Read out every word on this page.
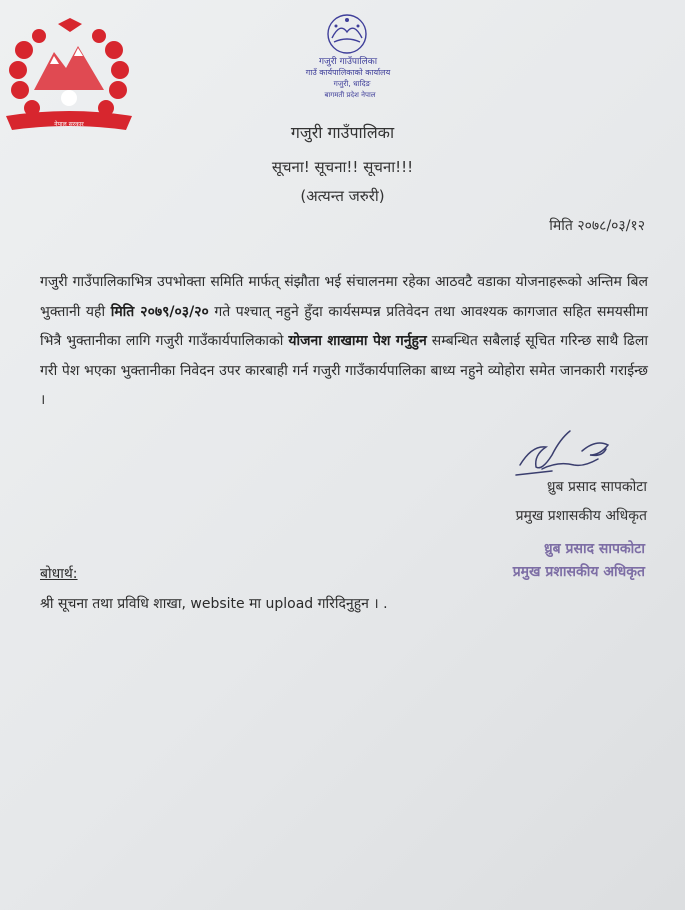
नेपाल सरकार
गजुरी गाउँपालिका
गाउँ कार्यपालिकाको कार्यालय
गजुरी, धादिङ
बागमती प्रदेश नेपाल
गजुरी गाउँपालिका
सूचना! सूचना!! सूचना!!!
(अत्यन्त जरुरी)
मिति २०७८/०३/१२
गजुरी गाउँपालिकाभित्र उपभोक्ता समिति मार्फत् संझौता भई संचालनमा रहेका आठवटै वडाका योजनाहरूको अन्तिम बिल भुक्तानी यही मिति २०७९/०३/२० गते पश्चात् नहुने हुँदा कार्यसम्पन्न प्रतिवेदन तथा आवश्यक कागजात सहित समयसीमा भित्रै भुक्तानीका लागि गजुरी गाउँकार्यपालिकाको योजना शाखामा पेश गर्नुहुन सम्बन्धित सबैलाई सूचित गरिन्छ साथै ढिला गरी पेश भएका भुक्तानीका निवेदन उपर कारबाही गर्न गजुरी गाउँकार्यपालिका बाध्य नहुने व्योहोरा समेत जानकारी गराईन्छ ।
ध्रुब प्रसाद सापकोटा
प्रमुख प्रशासकीय अधिकृत
ध्रुब प्रसाद सापकोटा
प्रमुख प्रशासकीय अधिकृत
बोधार्थ:
श्री सूचना तथा प्रविधि शाखा, website मा upload गरिदिनुहुन । .
